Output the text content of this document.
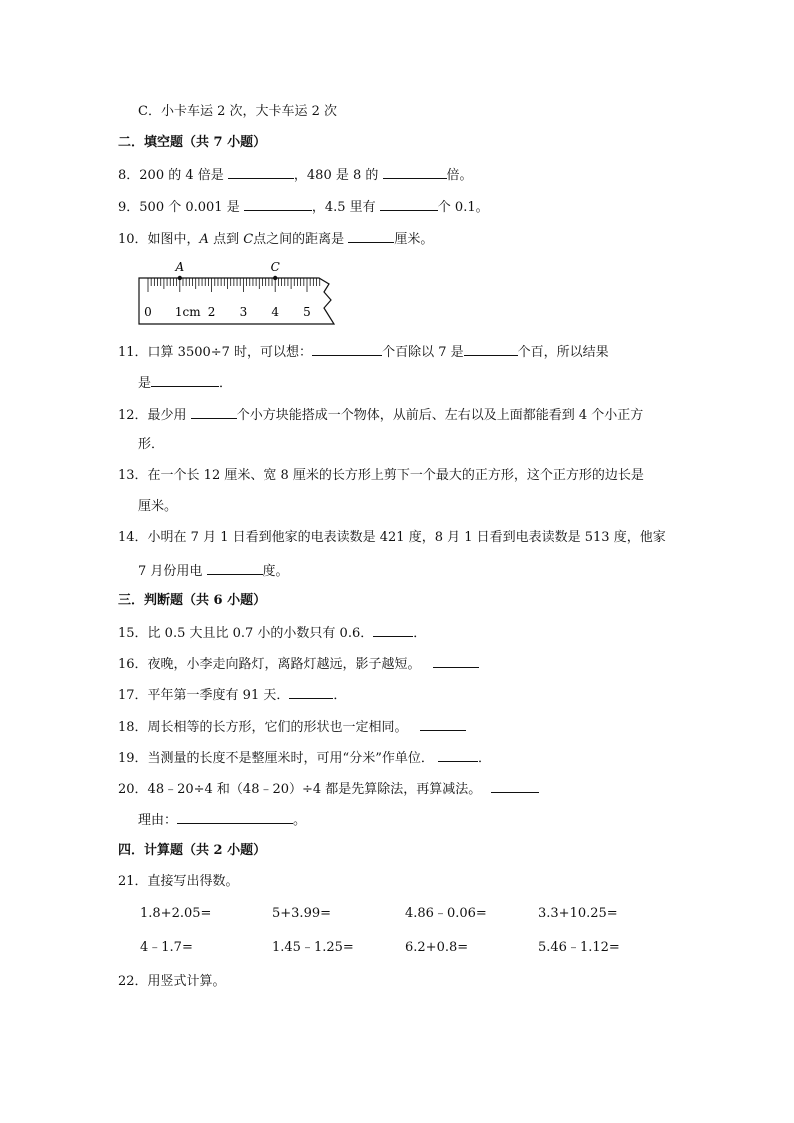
C．小卡车运 2 次，大卡车运 2 次
二．填空题（共 7 小题）
8．200 的 4 倍是	，480 是 8 的	倍。
9．500 个 0.001 是	，4.5 里有	个 0.1。
10．如图中，A 点到 C点之间的距离是	厘米。
0 1cm 2 3 4 5
A	C
11．口算 3500÷7 时，可以想：	个百除以 7 是	个百，所以结果
是	．
12．最少用	个小方块能搭成一个物体，从前后、左右以及上面都能看到 4 个小正方
形．
13．在一个长 12 厘米、宽 8 厘米的长方形上剪下一个最大的正方形，这个正方形的边长是
厘米。
14．小明在 7 月 1 日看到他家的电表读数是 421 度，8 月 1 日看到电表读数是 513 度，他家
7 月份用电	度。
三．判断题（共 6 小题）
15．比 0.5 大且比 0.7 小的小数只有 0.6．	．
16．夜晚，小李走向路灯，离路灯越远，影子越短。
17．平年第一季度有 91 天．	．
18．周长相等的长方形，它们的形状也一定相同。
19．当测量的长度不是整厘米时，可用“分米”作单位．	．
20．48﹣20÷4 和（48﹣20）÷4 都是先算除法，再算减法。
理由：	。
四．计算题（共 2 小题）
21．直接写出得数。
1.8+2.05=	5+3.99=	4.86﹣0.06=	3.3+10.25=
4﹣1.7=	1.45﹣1.25=	6.2+0.8=	5.46﹣1.12=
22．用竖式计算。
